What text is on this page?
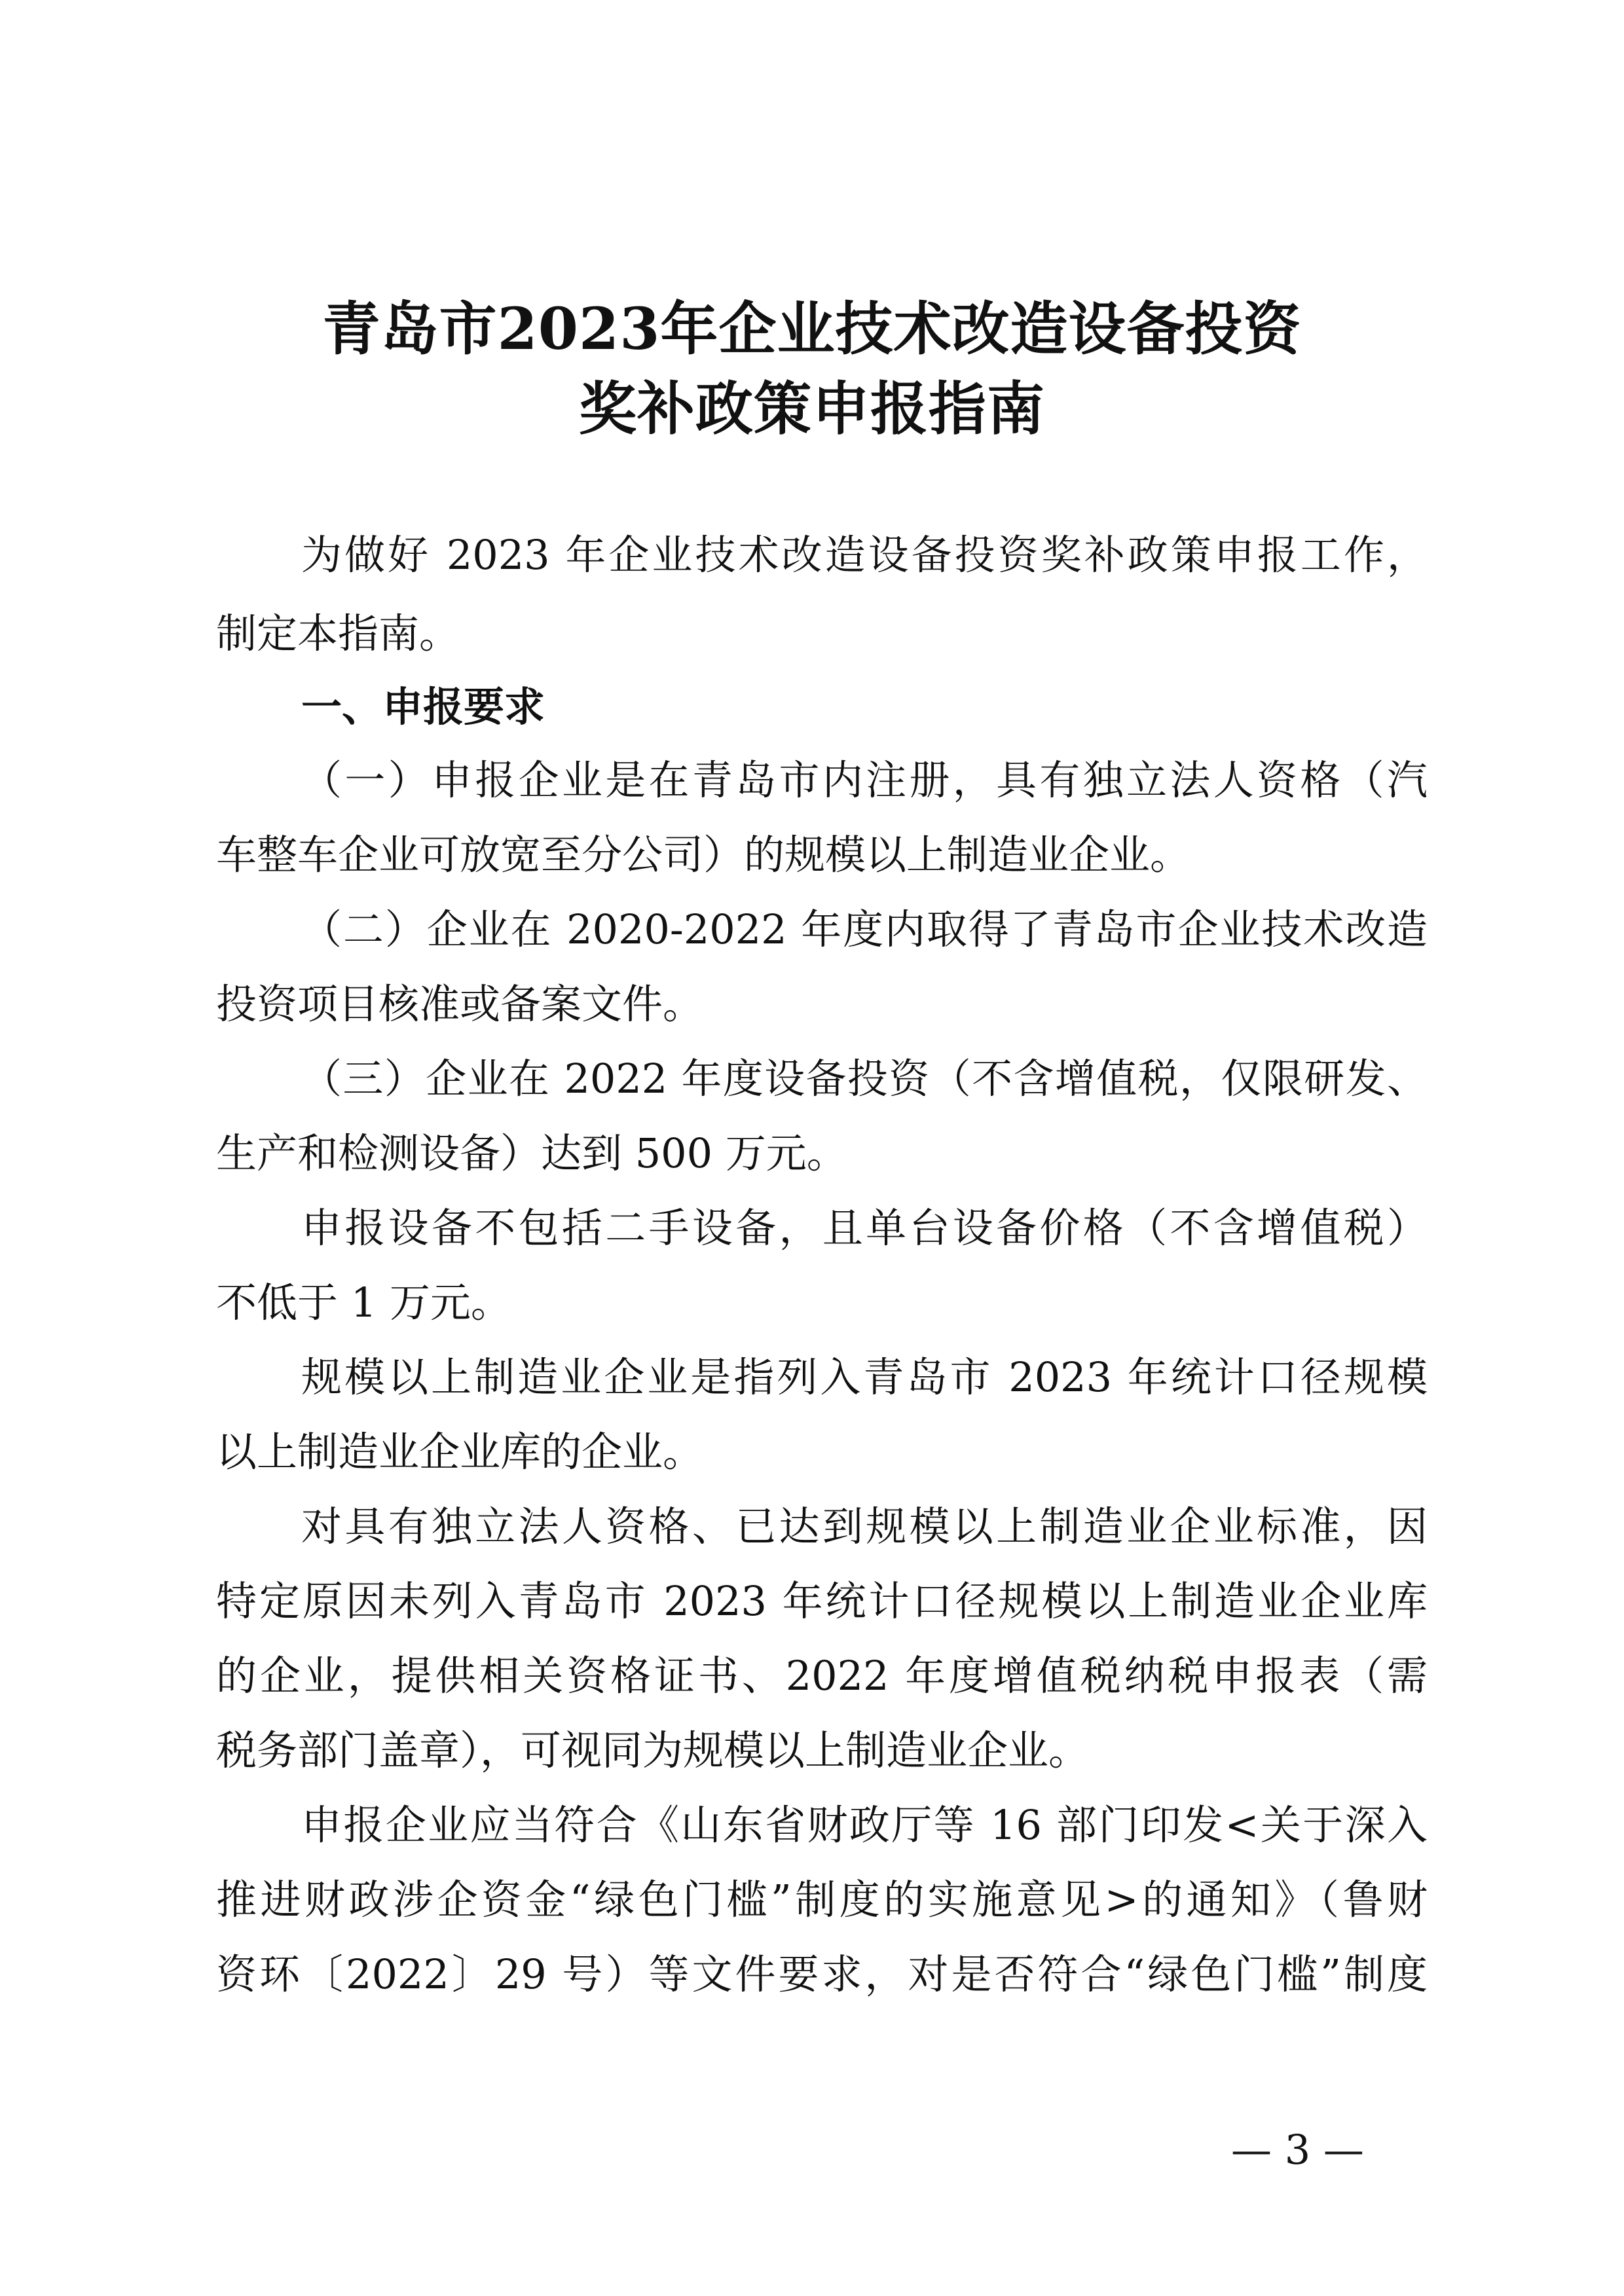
青岛市2023年企业技术改造设备投资
奖补政策申报指南
为做好 2023 年企业技术改造设备投资奖补政策申报工作，
制定本指南。
一、申报要求
（一）申报企业是在青岛市内注册，具有独立法人资格（汽
车整车企业可放宽至分公司）的规模以上制造业企业。
（二）企业在 2020-2022 年度内取得了青岛市企业技术改造
投资项目核准或备案文件。
（三）企业在 2022 年度设备投资（不含增值税，仅限研发、
生产和检测设备）达到 500 万元。
申报设备不包括二手设备，且单台设备价格（不含增值税）
不低于 1 万元。
规模以上制造业企业是指列入青岛市 2023 年统计口径规模
以上制造业企业库的企业。
对具有独立法人资格、已达到规模以上制造业企业标准，因
特定原因未列入青岛市 2023 年统计口径规模以上制造业企业库
的企业，提供相关资格证书、2022 年度增值税纳税申报表（需
税务部门盖章），可视同为规模以上制造业企业。
申报企业应当符合《山东省财政厅等 16 部门印发<关于深入
推进财政涉企资金“绿色门槛”制度的实施意见>的通知》（鲁财
资环〔2022〕29 号）等文件要求，对是否符合“绿色门槛”制度
— 3 —
